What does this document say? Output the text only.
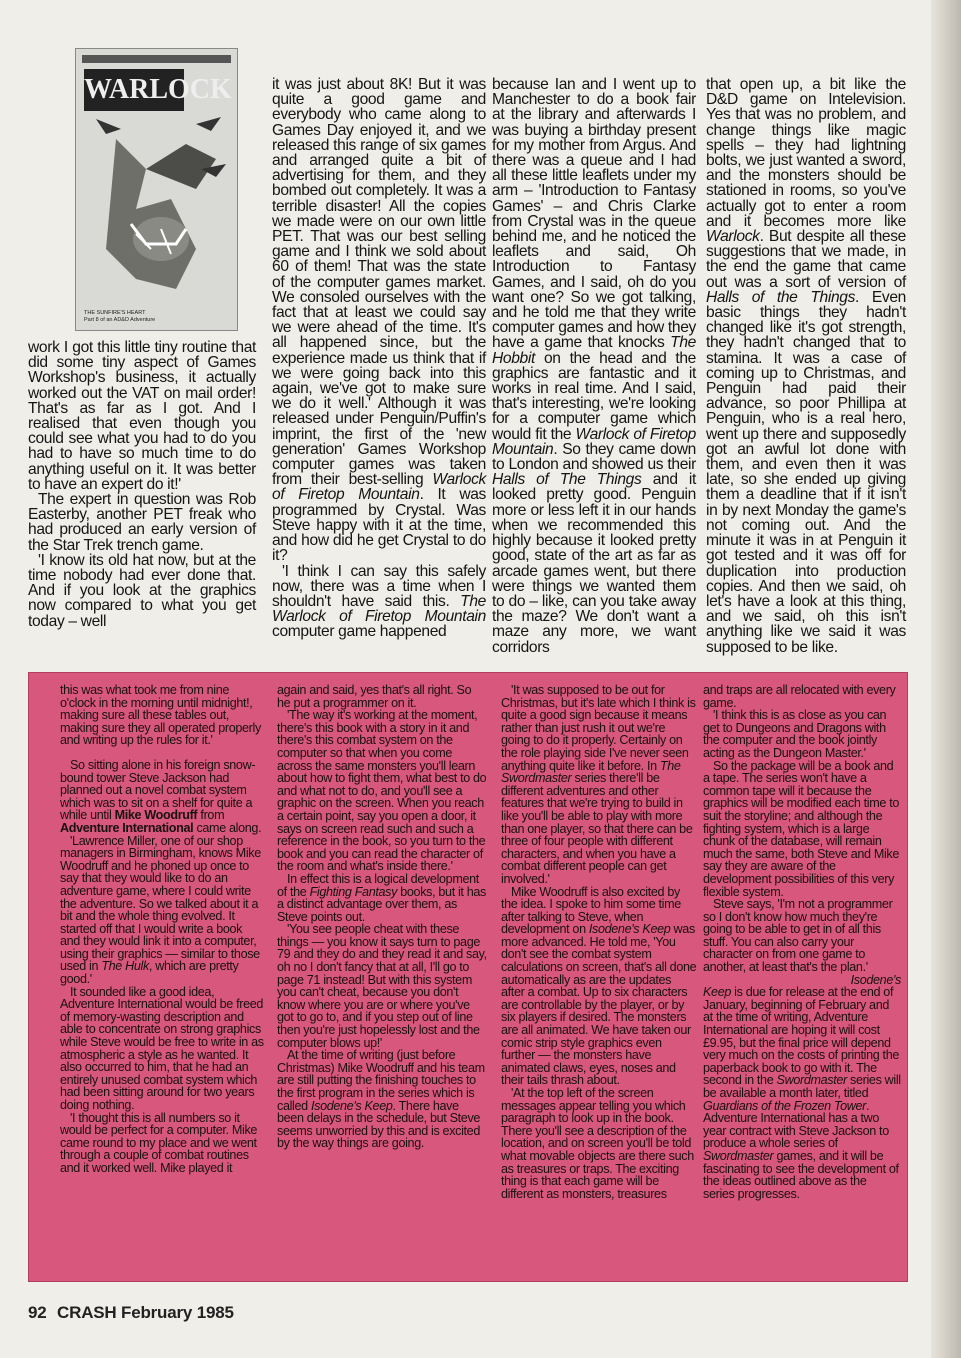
WARLOCK
THE SUNFIRE'S HEART
Part 8 of an AD&D Adventure

work I got this little tiny routine that did some tiny aspect of Games Workshop's business, it actually worked out the VAT on mail order! That's as far as I got. And I realised that even though you could see what you had to do you had to have so much time to do anything useful on it. It was better to have an expert do it!'

The expert in question was Rob Easterby, another PET freak who had produced an early version of the Star Trek trench game.

'I know its old hat now, but at the time nobody had ever done that. And if you look at the graphics now compared to what you get today – well

it was just about 8K! But it was quite a good game and everybody who came along to Games Day enjoyed it, and we released this range of six games and arranged quite a bit of advertising for them, and they bombed out completely. It was a terrible disaster! All the copies we made were on our own little PET. That was our best selling game and I think we sold about 60 of them! That was the state of the computer games market. We consoled ourselves with the fact that at least we could say we were ahead of the time. It's all happened since, but the experience made us think that if we were going back into this again, we've got to make sure we do it well.' Although it was released under Penguin/Puffin's imprint, the first of the 'new generation' Games Workshop computer games was taken from their best-selling Warlock of Firetop Mountain. It was programmed by Crystal. Was Steve happy with it at the time, and how did he get Crystal to do it?

'I think I can say this safely now, there was a time when I shouldn't have said this. The Warlock of Firetop Mountain computer game happened

because Ian and I went up to Manchester to do a book fair at the library and afterwards I was buying a birthday present for my mother from Argus. And there was a queue and I had all these little leaflets under my arm – 'Introduction to Fantasy Games' – and Chris Clarke from Crystal was in the queue behind me, and he noticed the leaflets and said, Oh Introduction to Fantasy Games, and I said, oh do you want one? So we got talking, and he told me that they write computer games and how they have a game that knocks The Hobbit on the head and the graphics are fantastic and it works in real time. And I said, that's interesting, we're looking for a computer game which would fit the Warlock of Firetop Mountain. So they came down to London and showed us their Halls of The Things and it looked pretty good. Penguin more or less left it in our hands when we recommended this highly because it looked pretty good, state of the art as far as arcade games went, but there were things we wanted them to do – like, can you take away the maze? We don't want a maze any more, we want corridors

that open up, a bit like the D&D game on Intelevision. Yes that was no problem, and change things like magic spells – they had lightning bolts, we just wanted a sword, and the monsters should be stationed in rooms, so you've actually got to enter a room and it becomes more like Warlock. But despite all these suggestions that we made, in the end the game that came out was a sort of version of Halls of the Things. Even basic things they hadn't changed like it's got strength, they hadn't changed that to stamina. It was a case of coming up to Christmas, and Penguin had paid their advance, so poor Phillipa at Penguin, who is a real hero, went up there and supposedly got an awful lot done with them, and even then it was late, so she ended up giving them a deadline that if it isn't in by next Monday the game's not coming out. And the minute it was in at Penguin it got tested and it was off for duplication into production copies. And then we said, oh let's have a look at this thing, and we said, oh this isn't anything like we said it was supposed to be like.

this was what took me from nine o'clock in the morning until midnight!, making sure all these tables out, making sure they all operated properly and writing up the rules for it.'

So sitting alone in his foreign snow-bound tower Steve Jackson had planned out a novel combat system which was to sit on a shelf for quite a while until Mike Woodruff from Adventure International came along.

'Lawrence Miller, one of our shop managers in Birmingham, knows Mike Woodruff and he phoned up once to say that they would like to do an adventure game, where I could write the adventure. So we talked about it a bit and the whole thing evolved. It started off that I would write a book and they would link it into a computer, using their graphics — similar to those used in The Hulk, which are pretty good.'

It sounded like a good idea, Adventure International would be freed of memory-wasting description and able to concentrate on strong graphics while Steve would be free to write in as atmospheric a style as he wanted. It also occurred to him, that he had an entirely unused combat system which had been sitting around for two years doing nothing.

'I thought this is all numbers so it would be perfect for a computer. Mike came round to my place and we went through a couple of combat routines and it worked well. Mike played it

again and said, yes that's all right. So he put a programmer on it.

'The way it's working at the moment, there's this book with a story in it and there's this combat system on the computer so that when you come across the same monsters you'll learn about how to fight them, what best to do and what not to do, and you'll see a graphic on the screen. When you reach a certain point, say you open a door, it says on screen read such and such a reference in the book, so you turn to the book and you can read the character of the room and what's inside there.'

In effect this is a logical development of the Fighting Fantasy books, but it has a distinct advantage over them, as Steve points out.

'You see people cheat with these things — you know it says turn to page 79 and they do and they read it and say, oh no I don't fancy that at all, I'll go to page 71 instead! But with this system you can't cheat, because you don't know where you are or where you've got to go to, and if you step out of line then you're just hopelessly lost and the computer blows up!'

At the time of writing (just before Christmas) Mike Woodruff and his team are still putting the finishing touches to the first program in the series which is called Isodene's Keep. There have been delays in the schedule, but Steve seems unworried by this and is excited by the way things are going.

'It was supposed to be out for Christmas, but it's late which I think is quite a good sign because it means rather than just rush it out we're going to do it properly. Certainly on the role playing side I've never seen anything quite like it before. In The Swordmaster series there'll be different adventures and other features that we're trying to build in like you'll be able to play with more than one player, so that there can be three of four people with different characters, and when you have a combat different people can get involved.'

Mike Woodruff is also excited by the idea. I spoke to him some time after talking to Steve, when development on Isodene's Keep was more advanced. He told me, 'You don't see the combat system calculations on screen, that's all done automatically as are the updates after a combat. Up to six characters are controllable by the player, or by six players if desired. The monsters are all animated. We have taken our comic strip style graphics even further — the monsters have animated claws, eyes, noses and their tails thrash about.

'At the top left of the screen messages appear telling you which paragraph to look up in the book. There you'll see a description of the location, and on screen you'll be told what movable objects are there such as treasures or traps. The exciting thing is that each game will be different as monsters, treasures

and traps are all relocated with every game.

'I think this is as close as you can get to Dungeons and Dragons with the computer and the book jointly acting as the Dungeon Master.'

So the package will be a book and a tape. The series won't have a common tape will it because the graphics will be modified each time to suit the storyline; and although the fighting system, which is a large chunk of the database, will remain much the same, both Steve and Mike say they are aware of the development possibilities of this very flexible system.

Steve says, 'I'm not a programmer so I don't know how much they're going to be able to get in of all this stuff. You can also carry your character on from one game to another, at least that's the plan.'

Isodene's

Keep is due for release at the end of January, beginning of February and at the time of writing, Adventure International are hoping it will cost £9.95, but the final price will depend very much on the costs of printing the paperback book to go with it. The second in the Swordmaster series will be available a month later, titled Guardians of the Frozen Tower. Adventure International has a two year contract with Steve Jackson to produce a whole series of Swordmaster games, and it will be fascinating to see the development of the ideas outlined above as the series progresses.

92 CRASH February 1985
